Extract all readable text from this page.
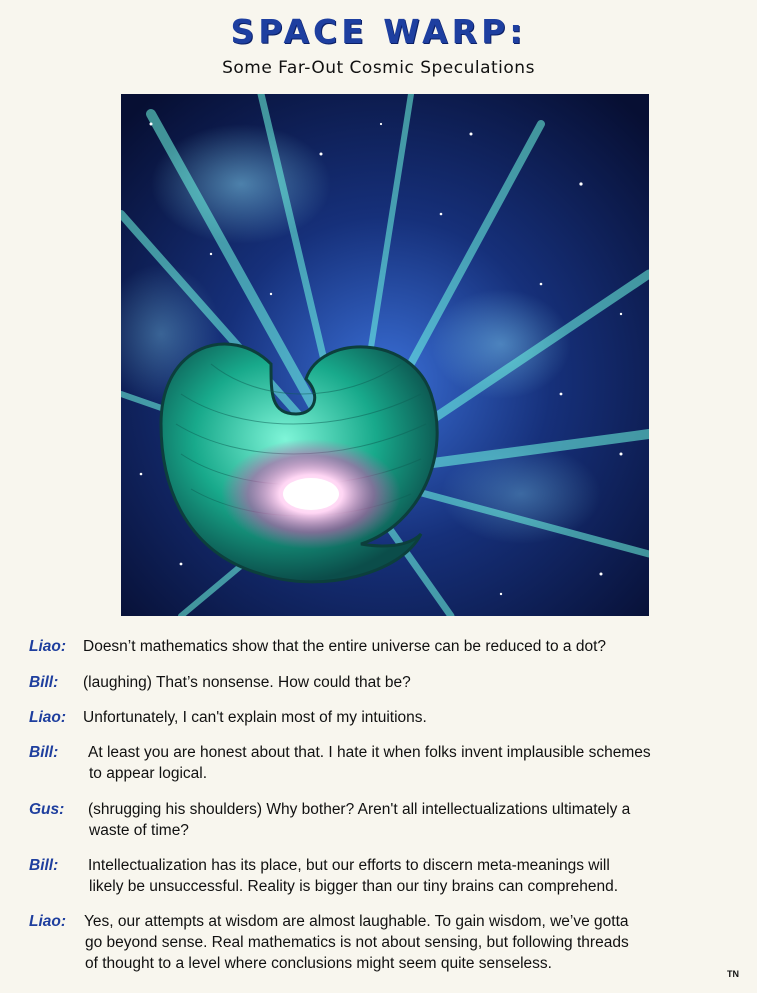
SPACE WARP:
Some Far-Out Cosmic Speculations
Liao: Doesn’t mathematics show that the entire universe can be reduced to a dot?
Bill: (laughing) That’s nonsense. How could that be?
Liao: Unfortunately, I can't explain most of my intuitions.
Bill: At least you are honest about that. I hate it when folks invent implausible schemes
to appear logical.
Gus: (shrugging his shoulders) Why bother? Aren't all intellectualizations ultimately a
waste of time?
Bill: Intellectualization has its place, but our efforts to discern meta-meanings will
likely be unsuccessful. Reality is bigger than our tiny brains can comprehend.
Liao: Yes, our attempts at wisdom are almost laughable. To gain wisdom, we’ve gotta
go beyond sense. Real mathematics is not about sensing, but following threads
of thought to a level where conclusions might seem quite senseless.
TN
